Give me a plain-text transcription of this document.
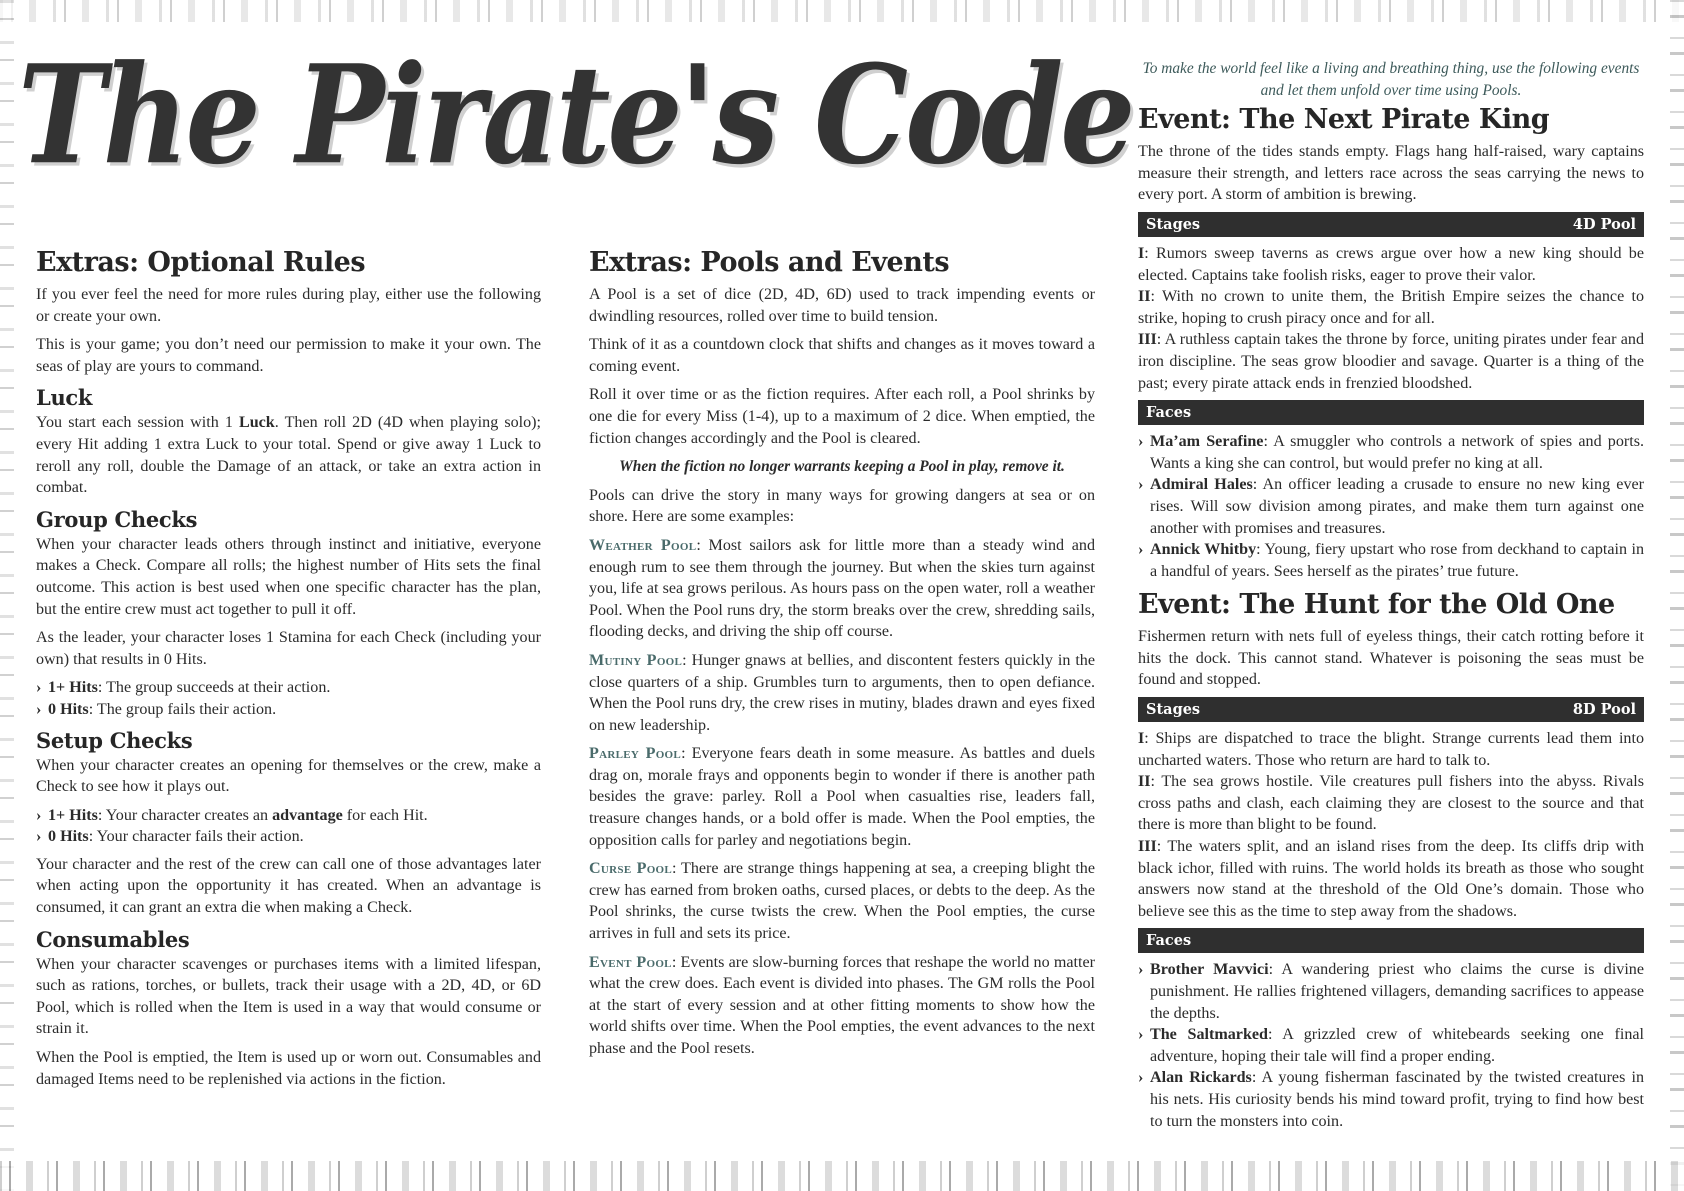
The Pirate's Code
Extras: Optional Rules

If you ever feel the need for more rules during play, either use the following or create your own.

This is your game; you don’t need our permission to make it your own. The seas of play are yours to command.

Luck

You start each session with 1 Luck. Then roll 2D (4D when playing solo); every Hit adding 1 extra Luck to your total. Spend or give away 1 Luck to reroll any roll, double the Damage of an attack, or take an extra action in combat.

Group Checks

When your character leads others through instinct and initiative, everyone makes a Check. Compare all rolls; the highest number of Hits sets the final outcome. This action is best used when one specific character has the plan, but the entire crew must act together to pull it off.

As the leader, your character loses 1 Stamina for each Check (including your own) that results in 0 Hits.

› 1+ Hits: The group succeeds at their action.
› 0 Hits: The group fails their action.
Setup Checks

When your character creates an opening for themselves or the crew, make a Check to see how it plays out.

› 1+ Hits: Your character creates an advantage for each Hit.
› 0 Hits: Your character fails their action.

Your character and the rest of the crew can call one of those advantages later when acting upon the opportunity it has created. When an advantage is consumed, it can grant an extra die when making a Check.

Consumables

When your character scavenges or purchases items with a limited lifespan, such as rations, torches, or bullets, track their usage with a 2D, 4D, or 6D Pool, which is rolled when the Item is used in a way that would consume or strain it.

When the Pool is emptied, the Item is used up or worn out. Consumables and damaged Items need to be replenished via actions in the fiction.

Extras: Pools and Events

A Pool is a set of dice (2D, 4D, 6D) used to track impending events or dwindling resources, rolled over time to build tension.

Think of it as a countdown clock that shifts and changes as it moves toward a coming event.

Roll it over time or as the fiction requires. After each roll, a Pool shrinks by one die for every Miss (1-4), up to a maximum of 2 dice. When emptied, the fiction changes accordingly and the Pool is cleared.

When the fiction no longer warrants keeping a Pool in play, remove it.

Pools can drive the story in many ways for growing dangers at sea or on shore. Here are some examples:

Weather Pool: Most sailors ask for little more than a steady wind and enough rum to see them through the journey. But when the skies turn against you, life at sea grows perilous. As hours pass on the open water, roll a weather Pool. When the Pool runs dry, the storm breaks over the crew, shredding sails, flooding decks, and driving the ship off course.

Mutiny Pool: Hunger gnaws at bellies, and discontent festers quickly in the close quarters of a ship. Grumbles turn to arguments, then to open defiance. When the Pool runs dry, the crew rises in mutiny, blades drawn and eyes fixed on new leadership.

Parley Pool: Everyone fears death in some measure. As battles and duels drag on, morale frays and opponents begin to wonder if there is another path besides the grave: parley. Roll a Pool when casualties rise, leaders fall, treasure changes hands, or a bold offer is made. When the Pool empties, the opposition calls for parley and negotiations begin.

Curse Pool: There are strange things happening at sea, a creeping blight the crew has earned from broken oaths, cursed places, or debts to the deep. As the Pool shrinks, the curse twists the crew. When the Pool empties, the curse arrives in full and sets its price.

Event Pool: Events are slow-burning forces that reshape the world no matter what the crew does. Each event is divided into phases. The GM rolls the Pool at the start of every session and at other fitting moments to show how the world shifts over time. When the Pool empties, the event advances to the next phase and the Pool resets.

To make the world feel like a living and breathing thing, use the following events and let them unfold over time using Pools.

Event: The Next Pirate King

The throne of the tides stands empty. Flags hang half-raised, wary captains measure their strength, and letters race across the seas carrying the news to every port. A storm of ambition is brewing.

Stages	4D Pool

I: Rumors sweep taverns as crews argue over how a new king should be elected. Captains take foolish risks, eager to prove their valor.

II: With no crown to unite them, the British Empire seizes the chance to strike, hoping to crush piracy once and for all.

III: A ruthless captain takes the throne by force, uniting pirates under fear and iron discipline. The seas grow bloodier and savage. Quarter is a thing of the past; every pirate attack ends in frenzied bloodshed.

Faces
› Ma’am Serafine: A smuggler who controls a network of spies and ports. Wants a king she can control, but would prefer no king at all.
› Admiral Hales: An officer leading a crusade to ensure no new king ever rises. Will sow division among pirates, and make them turn against one another with promises and treasures.
› Annick Whitby: Young, fiery upstart who rose from deckhand to captain in a handful of years. Sees herself as the pirates’ true future.
Event: The Hunt for the Old One

Fishermen return with nets full of eyeless things, their catch rotting before it hits the dock. This cannot stand. Whatever is poisoning the seas must be found and stopped.

Stages	8D Pool

I: Ships are dispatched to trace the blight. Strange currents lead them into uncharted waters. Those who return are hard to talk to.

II: The sea grows hostile. Vile creatures pull fishers into the abyss. Rivals cross paths and clash, each claiming they are closest to the source and that there is more than blight to be found.

III: The waters split, and an island rises from the deep. Its cliffs drip with black ichor, filled with ruins. The world holds its breath as those who sought answers now stand at the threshold of the Old One’s domain. Those who believe see this as the time to step away from the shadows.

Faces
› Brother Mavvici: A wandering priest who claims the curse is divine punishment. He rallies frightened villagers, demanding sacrifices to appease the depths.
› The Saltmarked: A grizzled crew of whitebeards seeking one final adventure, hoping their tale will find a proper ending.
› Alan Rickards: A young fisherman fascinated by the twisted creatures in his nets. His curiosity bends his mind toward profit, trying to find how best to turn the monsters into coin.
